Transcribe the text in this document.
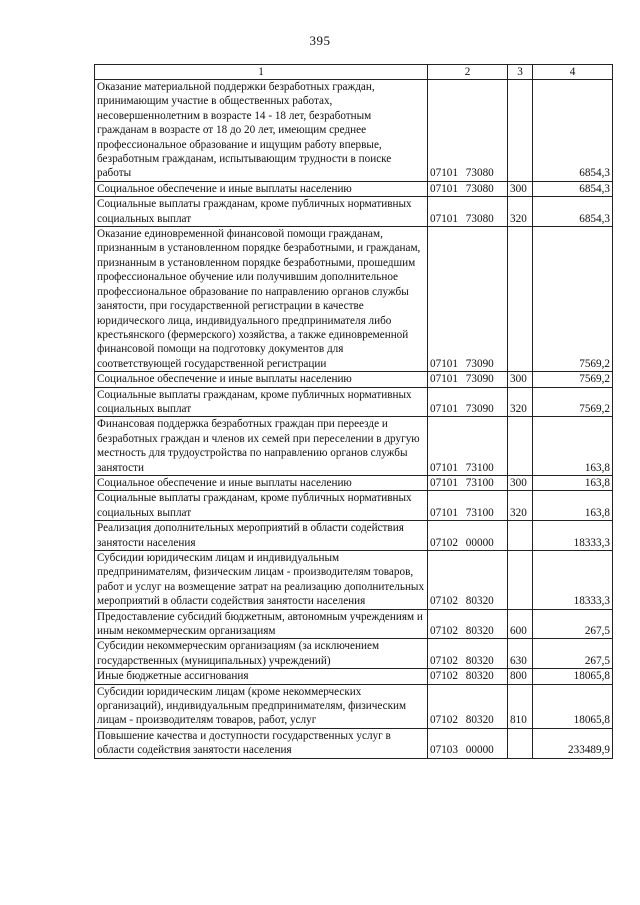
395
1	2	3	4
Оказание материальной поддержки безработных граждан, принимающим участие в общественных работах, несовершеннолетним в возрасте 14 - 18 лет, безработным гражданам в возрасте от 18 до 20 лет, имеющим среднее профессиональное образование и ищущим работу впервые, безработным гражданам, испытывающим трудности в поиске работы	07101 73080		6854,3
Социальное обеспечение и иные выплаты населению	07101 73080	300	6854,3
Социальные выплаты гражданам, кроме публичных нормативных социальных выплат	07101 73080	320	6854,3
Оказание единовременной финансовой помощи гражданам, признанным в установленном порядке безработными, и гражданам, признанным в установленном порядке безработными, прошедшим профессиональное обучение или получившим дополнительное профессиональное образование по направлению органов службы занятости, при государственной регистрации в качестве юридического лица, индивидуального предпринимателя либо крестьянского (фермерского) хозяйства, а также единовременной финансовой помощи на подготовку документов для соответствующей государственной регистрации	07101 73090		7569,2
Социальное обеспечение и иные выплаты населению	07101 73090	300	7569,2
Социальные выплаты гражданам, кроме публичных нормативных социальных выплат	07101 73090	320	7569,2
Финансовая поддержка безработных граждан при переезде и безработных граждан и членов их семей при переселении в другую местность для трудоустройства по направлению органов службы занятости	07101 73100		163,8
Социальное обеспечение и иные выплаты населению	07101 73100	300	163,8
Социальные выплаты гражданам, кроме публичных нормативных социальных выплат	07101 73100	320	163,8
Реализация дополнительных мероприятий в области содействия занятости населения	07102 00000		18333,3
Субсидии юридическим лицам и индивидуальным предпринимателям, физическим лицам - производителям товаров, работ и услуг на возмещение затрат на реализацию дополнительных мероприятий в области содействия занятости населения	07102 80320		18333,3
Предоставление субсидий бюджетным, автономным учреждениям и иным некоммерческим организациям	07102 80320	600	267,5
Субсидии некоммерческим организациям (за исключением государственных (муниципальных) учреждений)	07102 80320	630	267,5
Иные бюджетные ассигнования	07102 80320	800	18065,8
Субсидии юридическим лицам (кроме некоммерческих организаций), индивидуальным предпринимателям, физическим лицам - производителям товаров, работ, услуг	07102 80320	810	18065,8
Повышение качества и доступности государственных услуг в области содействия занятости населения	07103 00000		233489,9
